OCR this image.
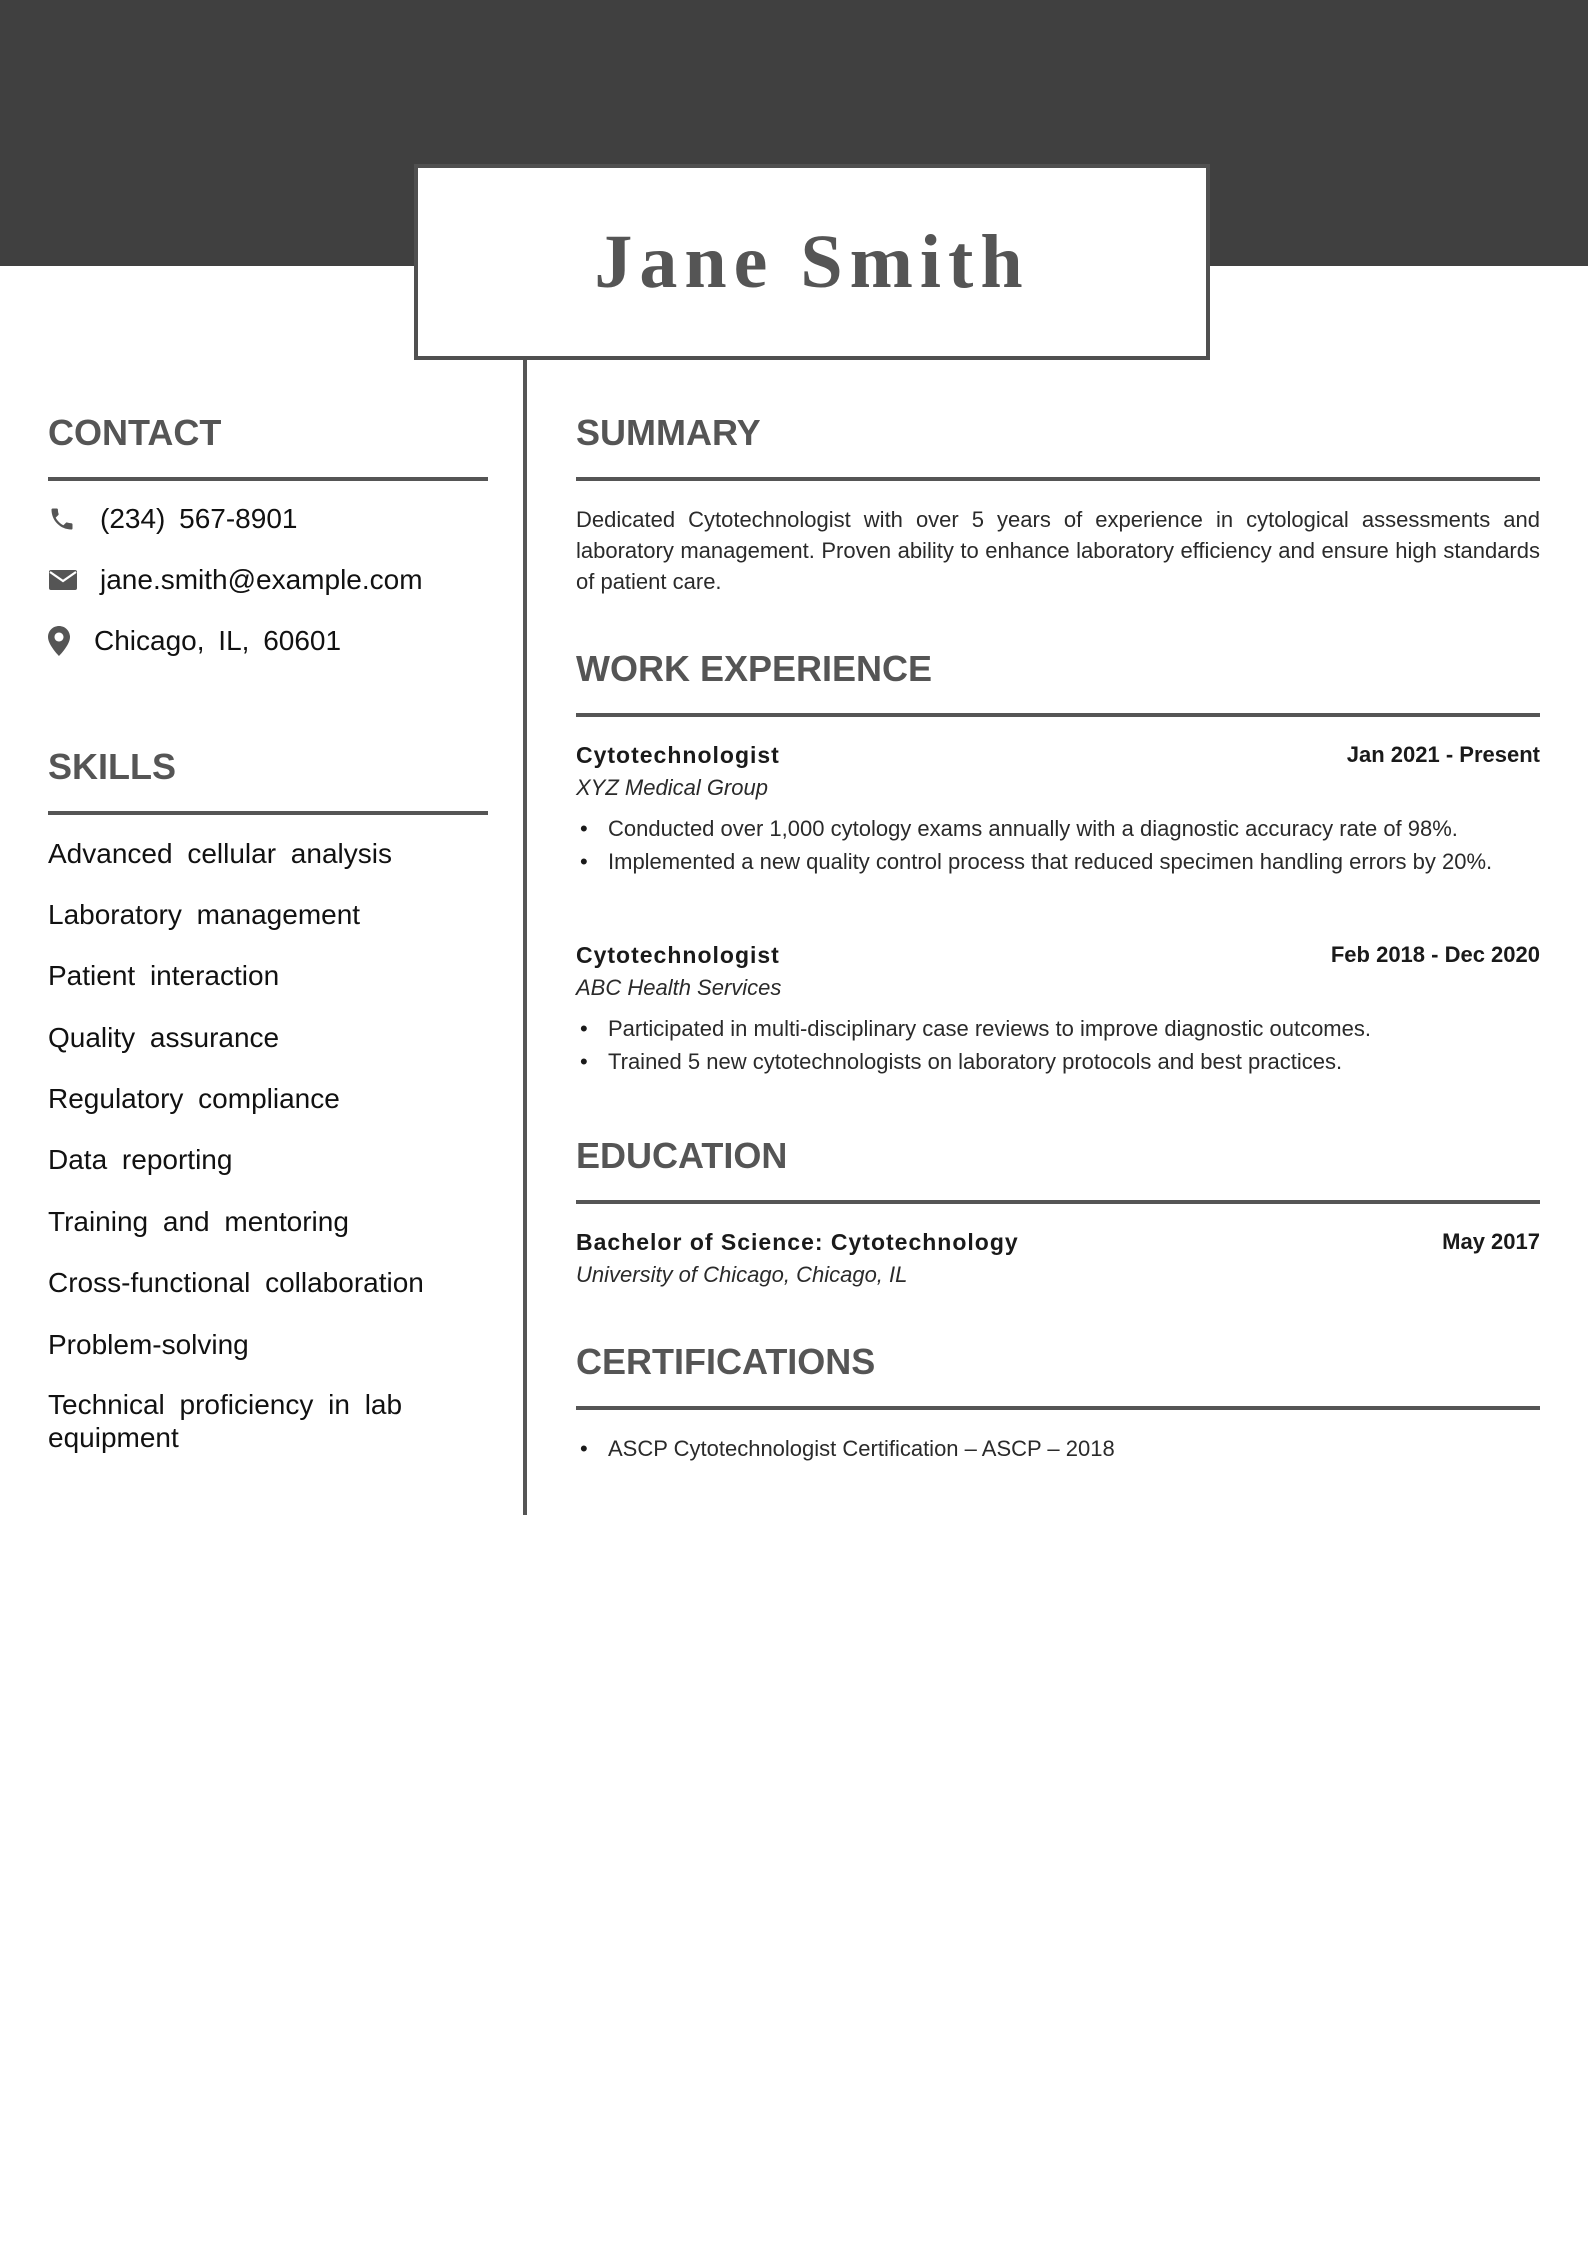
Jane Smith
CONTACT
(234) 567-8901
jane.smith@example.com
Chicago, IL, 60601
SKILLS
Advanced cellular analysis
Laboratory management
Patient interaction
Quality assurance
Regulatory compliance
Data reporting
Training and mentoring
Cross-functional collaboration
Problem-solving
Technical proficiency in lab equipment
SUMMARY
Dedicated Cytotechnologist with over 5 years of experience in cytological assessments and laboratory management. Proven ability to enhance laboratory efficiency and ensure high standards of patient care.
WORK EXPERIENCE
Cytotechnologist	Jan 2021 - Present
XYZ Medical Group
• Conducted over 1,000 cytology exams annually with a diagnostic accuracy rate of 98%.
• Implemented a new quality control process that reduced specimen handling errors by 20%.
Cytotechnologist	Feb 2018 - Dec 2020
ABC Health Services
• Participated in multi-disciplinary case reviews to improve diagnostic outcomes.
• Trained 5 new cytotechnologists on laboratory protocols and best practices.
EDUCATION
Bachelor of Science: Cytotechnology	May 2017
University of Chicago, Chicago, IL
CERTIFICATIONS
• ASCP Cytotechnologist Certification – ASCP – 2018
